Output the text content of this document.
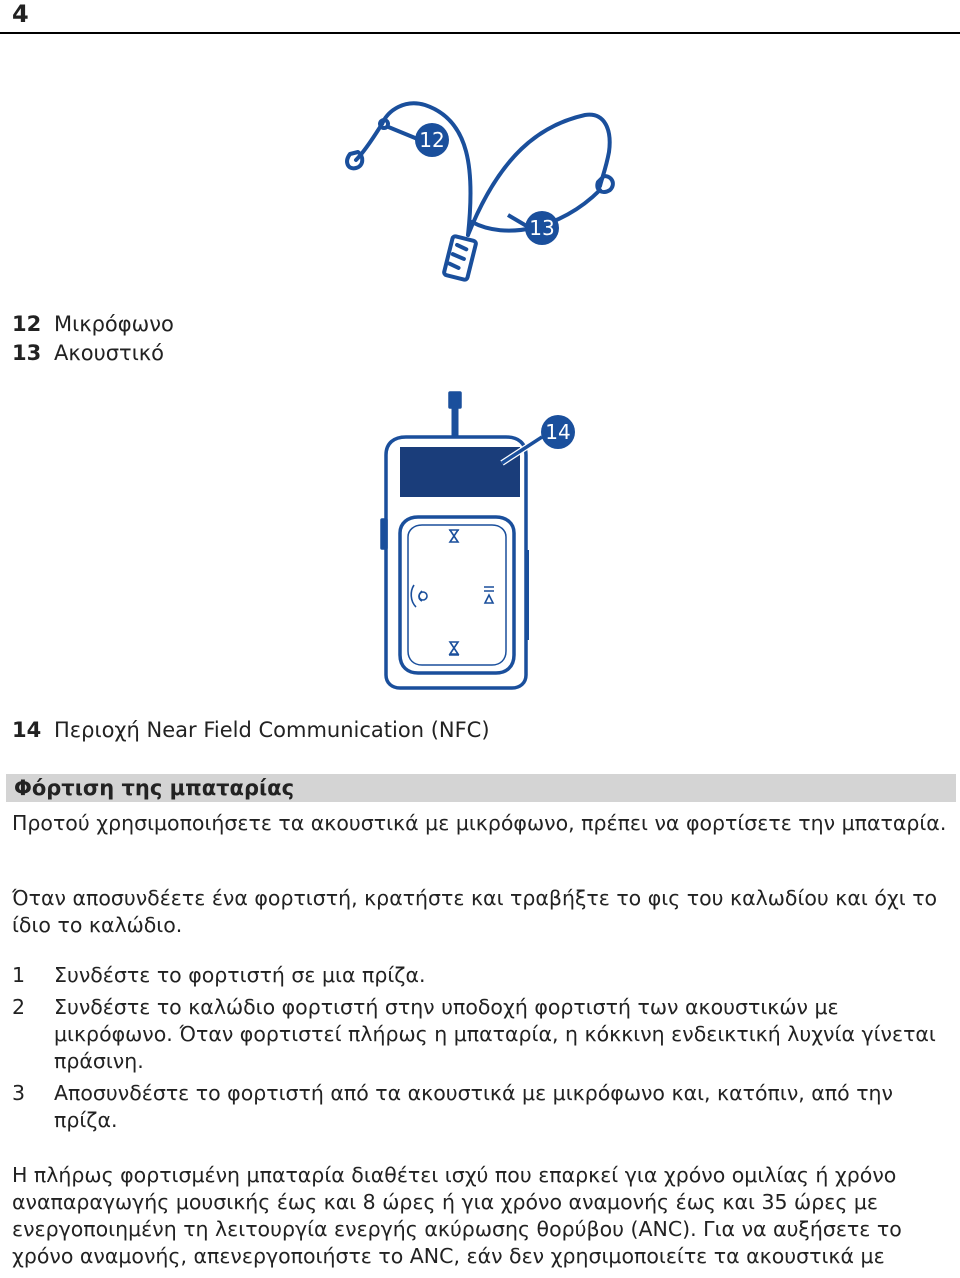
4
12
13
12 Μικρόφωνο
13 Ακουστικό
14
14 Περιοχή Near Field Communication (NFC)
Φόρτιση της μπαταρίας
Προτού χρησιμοποιήσετε τα ακουστικά με μικρόφωνο, πρέπει να φορτίσετε την μπαταρία.
Όταν αποσυνδέετε ένα φορτιστή, κρατήστε και τραβήξτε το φις του καλωδίου και όχι το ίδιο το καλώδιο.
1 Συνδέστε το φορτιστή σε μια πρίζα.
2 Συνδέστε το καλώδιο φορτιστή στην υποδοχή φορτιστή των ακουστικών με μικρόφωνο. Όταν φορτιστεί πλήρως η μπαταρία, η κόκκινη ενδεικτική λυχνία γίνεται πράσινη.
3 Αποσυνδέστε το φορτιστή από τα ακουστικά με μικρόφωνο και, κατόπιν, από την πρίζα.
Η πλήρως φορτισμένη μπαταρία διαθέτει ισχύ που επαρκεί για χρόνο ομιλίας ή χρόνο αναπαραγωγής μουσικής έως και 8 ώρες ή για χρόνο αναμονής έως και 35 ώρες με ενεργοποιημένη τη λειτουργία ενεργής ακύρωσης θορύβου (ANC). Για να αυξήσετε το χρόνο αναμονής, απενεργοποιήστε το ANC, εάν δεν χρησιμοποιείτε τα ακουστικά με
